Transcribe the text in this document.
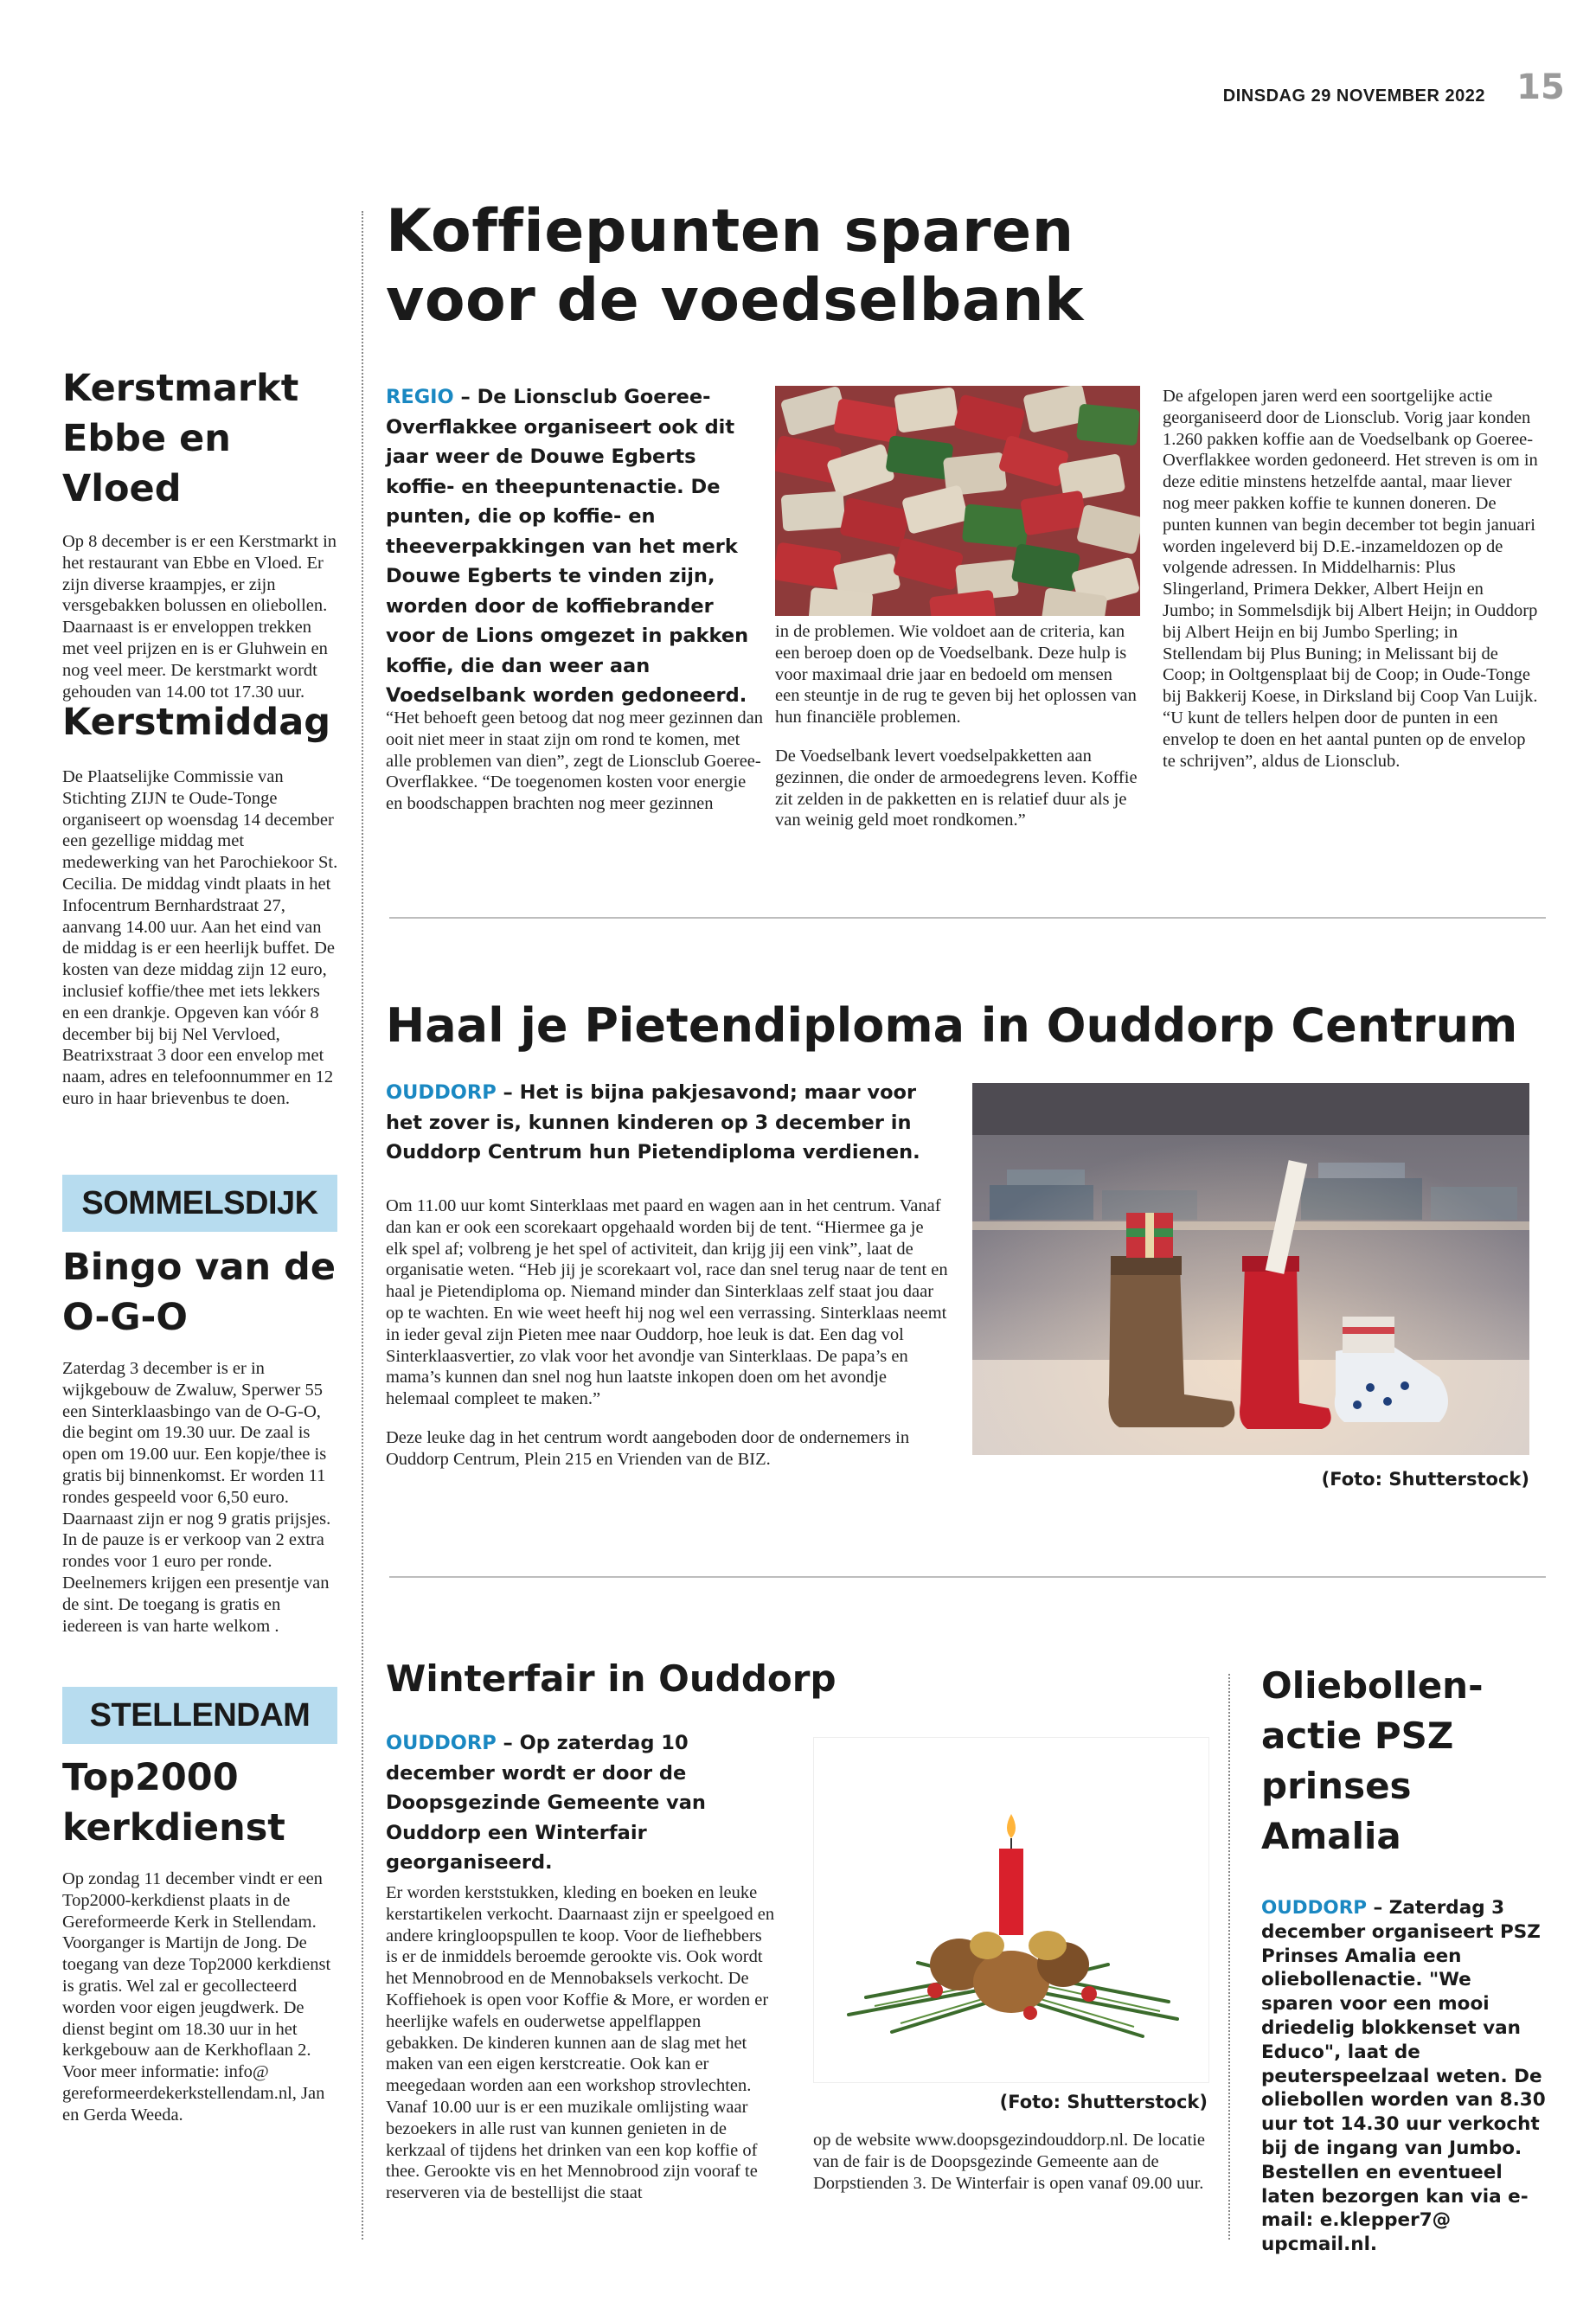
DINSDAG 29 NOVEMBER 2022 15
Kerstmarkt Ebbe en Vloed
Op 8 december is er een Kerstmarkt in het restaurant van Ebbe en Vloed. Er zijn diverse kraampjes, er zijn versgebakken bolussen en oliebollen. Daarnaast is er enveloppen trekken met veel prijzen en is er Gluhwein en nog veel meer. De kerstmarkt wordt gehouden van 14.00 tot 17.30 uur.
Kerstmiddag
De Plaatselijke Commissie van Stichting ZIJN te Oude-Tonge organiseert op woensdag 14 december een gezellige middag met medewerking van het Parochiekoor St. Cecilia. De middag vindt plaats in het Infocentrum Bernhardstraat 27, aanvang 14.00 uur. Aan het eind van de middag is er een heerlijk buffet. De kosten van deze middag zijn 12 euro, inclusief koffie/thee met iets lekkers en een drankje. Opgeven kan vóór 8 december bij bij Nel Vervloed, Beatrixstraat 3 door een envelop met naam, adres en telefoonnummer en 12 euro in haar brievenbus te doen.
SOMMELSDIJK
Bingo van de O-G-O
Zaterdag 3 december is er in wijkgebouw de Zwaluw, Sperwer 55 een Sinterklaasbingo van de O-G-O, die begint om 19.30 uur. De zaal is open om 19.00 uur. Een kopje/thee is gratis bij binnenkomst. Er worden 11 rondes gespeeld voor 6,50 euro. Daarnaast zijn er nog 9 gratis prijsjes. In de pauze is er verkoop van 2 extra rondes voor 1 euro per ronde. Deelnemers krijgen een presentje van de sint. De toegang is gratis en iedereen is van harte welkom .
STELLENDAM
Top2000 kerkdienst
Op zondag 11 december vindt er een Top2000-kerkdienst plaats in de Gereformeerde Kerk in Stellendam. Voorganger is Martijn de Jong. De toegang van deze Top2000 kerkdienst is gratis. Wel zal er gecollecteerd worden voor eigen jeugdwerk. De dienst begint om 18.30 uur in het kerkgebouw aan de Kerkhoflaan 2. Voor meer informatie: info@ gereformeerdekerkstellendam.nl, Jan en Gerda Weeda.
Koffiepunten sparen voor de voedselbank
REGIO – De Lionsclub Goeree-Overflakkee organiseert ook dit jaar weer de Douwe Egberts koffie- en theepuntenactie. De punten, die op koffie- en theeverpakkingen van het merk Douwe Egberts te vinden zijn, worden door de koffiebrander voor de Lions omgezet in pakken koffie, die dan weer aan Voedselbank worden gedoneerd.
“Het behoeft geen betoog dat nog meer gezinnen dan ooit niet meer in staat zijn om rond te komen, met alle problemen van dien”, zegt de Lionsclub Goeree-Overflakkee. “De toegenomen kosten voor energie en boodschappen brachten nog meer gezinnen

in de problemen. Wie voldoet aan de criteria, kan een beroep doen op de Voedselbank. Deze hulp is voor maximaal drie jaar en bedoeld om mensen een steuntje in de rug te geven bij het oplossen van hun financiële problemen.

De Voedselbank levert voedselpakketten aan gezinnen, die onder de armoedegrens leven. Koffie zit zelden in de pakketten en is relatief duur als je van weinig geld moet rondkomen.”

De afgelopen jaren werd een soortgelijke actie georganiseerd door de Lionsclub. Vorig jaar konden 1.260 pakken koffie aan de Voedselbank op Goeree-Overflakkee worden gedoneerd. Het streven is om in deze editie minstens hetzelfde aantal, maar liever nog meer pakken koffie te kunnen doneren. De punten kunnen van begin december tot begin januari worden ingeleverd bij D.E.-inzameldozen op de volgende adressen. In Middelharnis: Plus Slingerland, Primera Dekker, Albert Heijn en Jumbo; in Sommelsdijk bij Albert Heijn; in Ouddorp bij Albert Heijn en bij Jumbo Sperling; in Stellendam bij Plus Buning; in Melissant bij de Coop; in Ooltgensplaat bij de Coop; in Oude-Tonge bij Bakkerij Koese, in Dirksland bij Coop Van Luijk. “U kunt de tellers helpen door de punten in een envelop te doen en het aantal punten op de envelop te schrijven”, aldus de Lionsclub.
Haal je Pietendiploma in Ouddorp Centrum
OUDDORP – Het is bijna pakjesavond; maar voor het zover is, kunnen kinderen op 3 december in Ouddorp Centrum hun Pietendiploma verdienen.

Om 11.00 uur komt Sinterklaas met paard en wagen aan in het centrum. Vanaf dan kan er ook een scorekaart opgehaald worden bij de tent. “Hiermee ga je elk spel af; volbreng je het spel of activiteit, dan krijg jij een vink”, laat de organisatie weten. “Heb jij je scorekaart vol, race dan snel terug naar de tent en haal je Pietendiploma op. Niemand minder dan Sinterklaas zelf staat jou daar op te wachten. En wie weet heeft hij nog wel een verrassing. Sinterklaas neemt in ieder geval zijn Pieten mee naar Ouddorp, hoe leuk is dat. Een dag vol Sinterklaasvertier, zo vlak voor het avondje van Sinterklaas. De papa’s en mama’s kunnen dan snel nog hun laatste inkopen doen om het avondje helemaal compleet te maken.”

Deze leuke dag in het centrum wordt aangeboden door de ondernemers in Ouddorp Centrum, Plein 215 en Vrienden van de BIZ.

(Foto: Shutterstock)
Winterfair in Ouddorp
OUDDORP – Op zaterdag 10 december wordt er door de Doopsgezinde Gemeente van Ouddorp een Winterfair georganiseerd.
Er worden kerststukken, kleding en boeken en leuke kerstartikelen verkocht. Daarnaast zijn er speelgoed en andere kringloopspullen te koop. Voor de liefhebbers is er de inmiddels beroemde gerookte vis. Ook wordt het Mennobrood en de Mennobaksels verkocht. De Koffiehoek is open voor Koffie & More, er worden er heerlijke wafels en ouderwetse appelflappen gebakken. De kinderen kunnen aan de slag met het maken van een eigen kerstcreatie. Ook kan er meegedaan worden aan een workshop strovlechten. Vanaf 10.00 uur is er een muzikale omlijsting waar bezoekers in alle rust van kunnen genieten in de kerkzaal of tijdens het drinken van een kop koffie of thee. Gerookte vis en het Mennobrood zijn vooraf te reserveren via de bestellijst die staat
(Foto: Shutterstock)
op de website www.doopsgezindouddorp.nl. De locatie van de fair is de Doopsgezinde Gemeente aan de Dorpstienden 3. De Winterfair is open vanaf 09.00 uur.
Oliebollen-actie PSZ prinses Amalia
OUDDORP – Zaterdag 3 december organiseert PSZ Prinses Amalia een oliebollenactie. "We sparen voor een mooi driedelig blokkenset van Educo", laat de peuterspeelzaal weten. De oliebollen worden van 8.30 uur tot 14.30 uur verkocht bij de ingang van Jumbo. Bestellen en eventueel laten bezorgen kan via e-mail: e.klepper7@ upcmail.nl.
